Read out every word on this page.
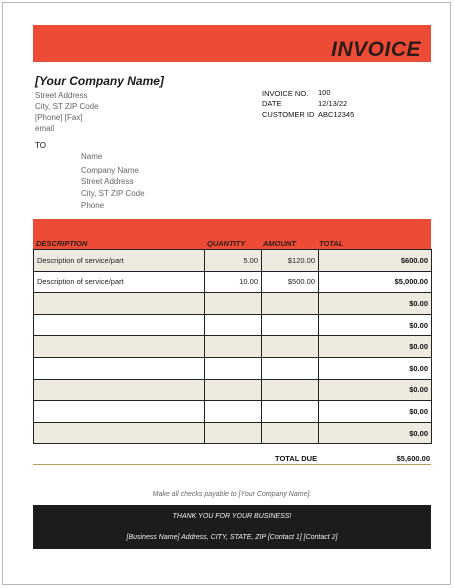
INVOICE
[Your Company Name]
Street Address
City, ST ZIP Code
[Phone] [Fax]
email
INVOICE NO. 100
DATE	12/13/22
CUSTOMER ID ABC12345
TO
Name
Company Name
Street Address
City, ST ZIP Code
Phone
DESCRIPTION	QUANTITY AMOUNT	TOTAL
Description of service/part	5.00	$120.00	$600.00
Description of service/part	10.00	$500.00	$5,000.00
			$0.00
			$0.00
			$0.00
			$0.00
			$0.00
			$0.00
			$0.00
TOTAL DUE	$5,600.00
Make all checks payable to [Your Company Name].
THANK YOU FOR YOUR BUSINESS!
[Business Name] Address, CITY, STATE, ZIP [Contact 1] [Contact 2]
